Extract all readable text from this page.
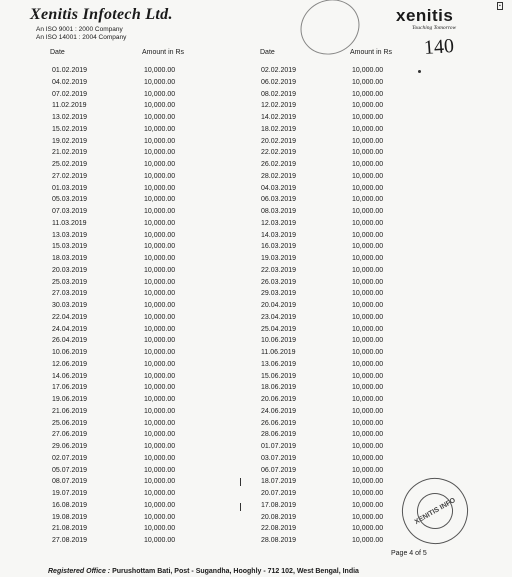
Xenitis Infotech Ltd.
An ISO 9001 : 2000 Company
An ISO 14001 : 2004 Company
xenitis	▪
Touching Tomorrow
140
Date	Amount in Rs	Date	Amount in Rs
01.02.2019	10,000.00	02.02.2019	10,000.00
04.02.2019	10,000.00	06.02.2019	10,000.00
07.02.2019	10,000.00	08.02.2019	10,000.00
11.02.2019	10,000.00	12.02.2019	10,000.00
13.02.2019	10,000.00	14.02.2019	10,000.00
15.02.2019	10,000.00	18.02.2019	10,000.00
19.02.2019	10,000.00	20.02.2019	10,000.00
21.02.2019	10,000.00	22.02.2019	10,000.00
25.02.2019	10,000.00	26.02.2019	10,000.00
27.02.2019	10,000.00	28.02.2019	10,000.00
01.03.2019	10,000.00	04.03.2019	10,000.00
05.03.2019	10,000.00	06.03.2019	10,000.00
07.03.2019	10,000.00	08.03.2019	10,000.00
11.03.2019	10,000.00	12.03.2019	10,000.00
13.03.2019	10,000.00	14.03.2019	10,000.00
15.03.2019	10,000.00	16.03.2019	10,000.00
18.03.2019	10,000.00	19.03.2019	10,000.00
20.03.2019	10,000.00	22.03.2019	10,000.00
25.03.2019	10,000.00	26.03.2019	10,000.00
27.03.2019	10,000.00	29.03.2019	10,000.00
30.03.2019	10,000.00	20.04.2019	10,000.00
22.04.2019	10,000.00	23.04.2019	10,000.00
24.04.2019	10,000.00	25.04.2019	10,000.00
26.04.2019	10,000.00	10.06.2019	10,000.00
10.06.2019	10,000.00	11.06.2019	10,000.00
12.06.2019	10,000.00	13.06.2019	10,000.00
14.06.2019	10,000.00	15.06.2019	10,000.00
17.06.2019	10,000.00	18.06.2019	10,000.00
19.06.2019	10,000.00	20.06.2019	10,000.00
21.06.2019	10,000.00	24.06.2019	10,000.00
25.06.2019	10,000.00	26.06.2019	10,000.00
27.06.2019	10,000.00	28.06.2019	10,000.00
29.06.2019	10,000.00	01.07.2019	10,000.00
02.07.2019	10,000.00	03.07.2019	10,000.00
05.07.2019	10,000.00	06.07.2019	10,000.00
08.07.2019	10,000.00	18.07.2019	10,000.00
19.07.2019	10,000.00	20.07.2019	10,000.00
16.08.2019	10,000.00	17.08.2019	10,000.00
19.08.2019	10,000.00	20.08.2019	10,000.00
21.08.2019	10,000.00	22.08.2019	10,000.00
27.08.2019	10,000.00	28.08.2019	10,000.00
XENITIS INFO
Page 4 of 5
Registered Office : Purushottam Bati, Post - Sugandha, Hooghly - 712 102, West Bengal, India
